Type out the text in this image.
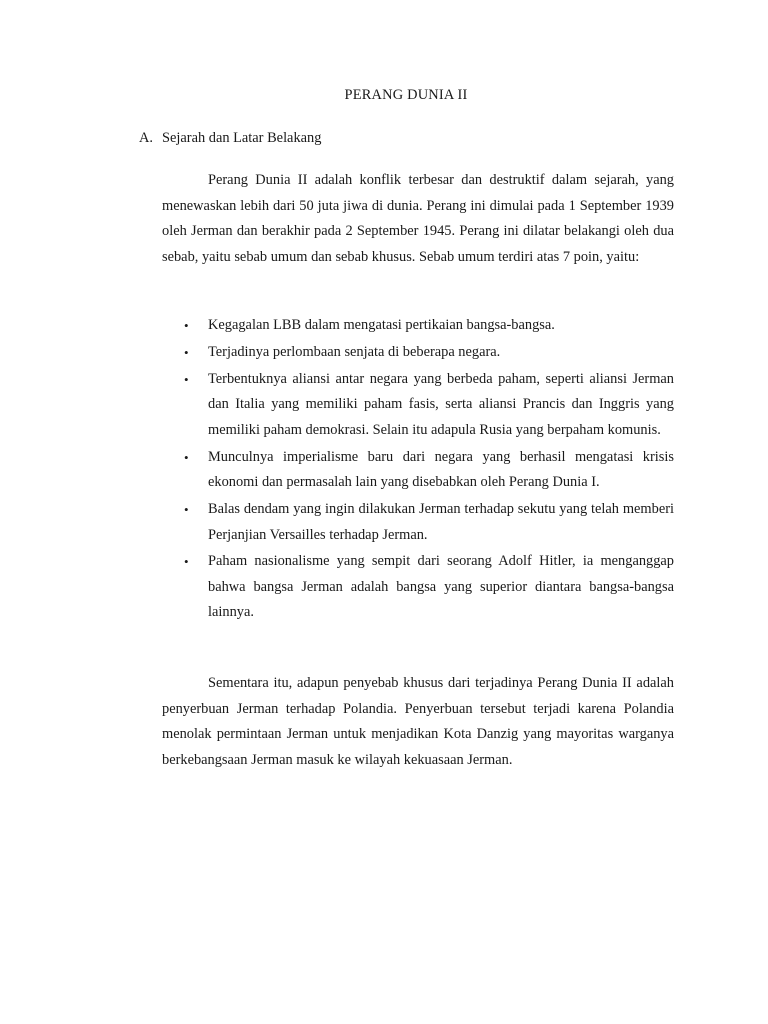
PERANG DUNIA II
A. Sejarah dan Latar Belakang

Perang Dunia II adalah konflik terbesar dan destruktif dalam sejarah, yang menewaskan lebih dari 50 juta jiwa di dunia. Perang ini dimulai pada 1 September 1939 oleh Jerman dan berakhir pada 2 September 1945. Perang ini dilatar belakangi oleh dua sebab, yaitu sebab umum dan sebab khusus. Sebab umum terdiri atas 7 poin, yaitu:

• Kegagalan LBB dalam mengatasi pertikaian bangsa-bangsa.
• Terjadinya perlombaan senjata di beberapa negara.
• Terbentuknya aliansi antar negara yang berbeda paham, seperti aliansi Jerman dan Italia yang memiliki paham fasis, serta aliansi Prancis dan Inggris yang memiliki paham demokrasi. Selain itu adapula Rusia yang berpaham komunis.
• Munculnya imperialisme baru dari negara yang berhasil mengatasi krisis ekonomi dan permasalah lain yang disebabkan oleh Perang Dunia I.
• Balas dendam yang ingin dilakukan Jerman terhadap sekutu yang telah memberi Perjanjian Versailles terhadap Jerman.
• Paham nasionalisme yang sempit dari seorang Adolf Hitler, ia menganggap bahwa bangsa Jerman adalah bangsa yang superior diantara bangsa-bangsa lainnya.

Sementara itu, adapun penyebab khusus dari terjadinya Perang Dunia II adalah penyerbuan Jerman terhadap Polandia. Penyerbuan tersebut terjadi karena Polandia menolak permintaan Jerman untuk menjadikan Kota Danzig yang mayoritas warganya berkebangsaan Jerman masuk ke wilayah kekuasaan Jerman.
